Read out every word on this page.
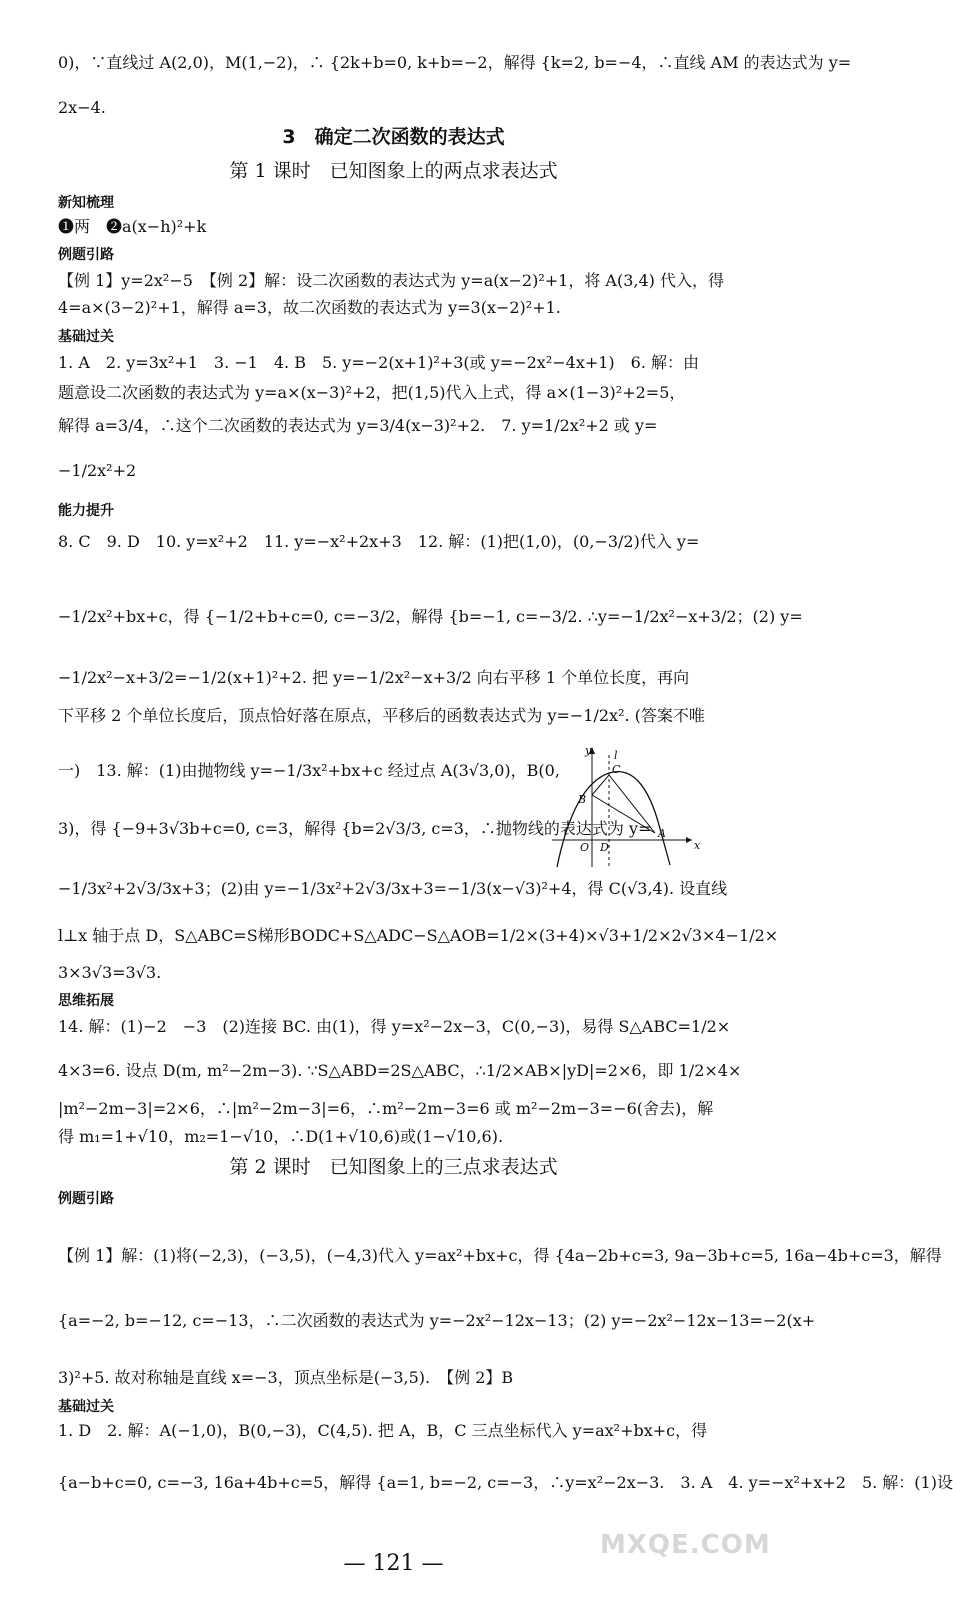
0)，∵直线过 A(2,0)，M(1,−2)，∴ {2k+b=0, k+b=−2，解得 {k=2, b=−4，∴直线 AM 的表达式为 y=
2x−4.
3　确定二次函数的表达式
第 1 课时　已知图象上的两点求表达式
新知梳理
❶两　❷a(x−h)²+k
例题引路
【例 1】y=2x²−5　【例 2】解：设二次函数的表达式为 y=a(x−2)²+1，将 A(3,4) 代入，得
4=a×(3−2)²+1，解得 a=3，故二次函数的表达式为 y=3(x−2)²+1.
基础过关
1. A　2. y=3x²+1　3. −1　4. B　5. y=−2(x+1)²+3(或 y=−2x²−4x+1)　6. 解：由
题意设二次函数的表达式为 y=a×(x−3)²+2，把(1,5)代入上式，得 a×(1−3)²+2=5，
解得 a=3/4，∴这个二次函数的表达式为 y=3/4(x−3)²+2.　7. y=1/2x²+2 或 y=
−1/2x²+2
能力提升
8. C　9. D　10. y=x²+2　11. y=−x²+2x+3　12. 解：(1)把(1,0)，(0,−3/2)代入 y=
−1/2x²+bx+c，得 {−1/2+b+c=0, c=−3/2，解得 {b=−1, c=−3/2. ∴y=−1/2x²−x+3/2；(2) y=
−1/2x²−x+3/2=−1/2(x+1)²+2. 把 y=−1/2x²−x+3/2 向右平移 1 个单位长度，再向
下平移 2 个单位长度后，顶点恰好落在原点，平移后的函数表达式为 y=−1/2x². (答案不唯
一)　13. 解：(1)由抛物线 y=−1/3x²+bx+c 经过点 A(3√3,0)，B(0,
3)，得 {−9+3√3b+c=0, c=3，解得 {b=2√3/3, c=3，∴抛物线的表达式为 y=
−1/3x²+2√3/3x+3；(2)由 y=−1/3x²+2√3/3x+3=−1/3(x−√3)²+4，得 C(√3,4). 设直线
l⊥x 轴于点 D，S△ABC=S梯形BODC+S△ADC−S△AOB=1/2×(3+4)×√3+1/2×2√3×4−1/2×
3×3√3=3√3.
思维拓展
14. 解：(1)−2　−3　(2)连接 BC. 由(1)，得 y=x²−2x−3，C(0,−3)，易得 S△ABC=1/2×
4×3=6. 设点 D(m, m²−2m−3). ∵S△ABD=2S△ABC，∴1/2×AB×|yD|=2×6，即 1/2×4×
|m²−2m−3|=2×6，∴|m²−2m−3|=6，∴m²−2m−3=6 或 m²−2m−3=−6(舍去)，解
得 m₁=1+√10，m₂=1−√10，∴D(1+√10,6)或(1−√10,6).
第 2 课时　已知图象上的三点求表达式
例题引路
【例 1】解：(1)将(−2,3)，(−3,5)，(−4,3)代入 y=ax²+bx+c，得 {4a−2b+c=3, 9a−3b+c=5, 16a−4b+c=3，解得
{a=−2, b=−12, c=−13，∴二次函数的表达式为 y=−2x²−12x−13；(2) y=−2x²−12x−13=−2(x+
3)²+5. 故对称轴是直线 x=−3，顶点坐标是(−3,5).　【例 2】B
基础过关
1. D　2. 解：A(−1,0)，B(0,−3)，C(4,5). 把 A，B，C 三点坐标代入 y=ax²+bx+c，得
{a−b+c=0, c=−3, 16a+4b+c=5，解得 {a=1, b=−2, c=−3，∴y=x²−2x−3.　3. A　4. y=−x²+x+2　5. 解：(1)设
— 121 —
y
x
O D
A
B
C
l
MXQE.COM
